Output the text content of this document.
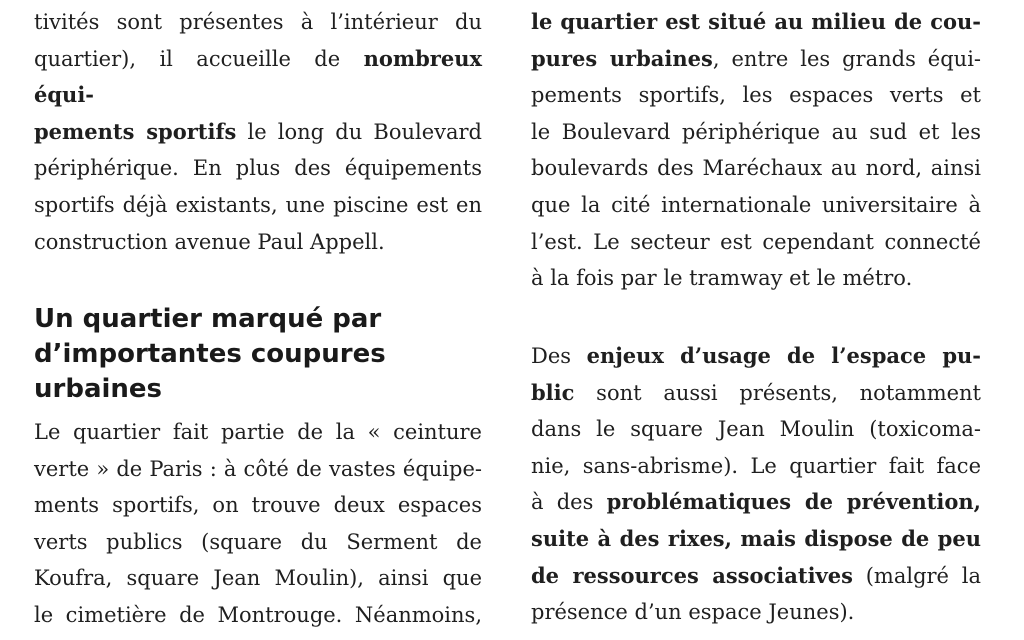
tivités sont présentes à l’intérieur du
quartier), il accueille de nombreux équi-
pements sportifs le long du Boulevard
périphérique. En plus des équipements
sportifs déjà existants, une piscine est en
construction avenue Paul Appell.
Un quartier marqué par
d’importantes coupures
urbaines
Le quartier fait partie de la « ceinture
verte » de Paris : à côté de vastes équipe-
ments sportifs, on trouve deux espaces
verts publics (square du Serment de
Koufra, square Jean Moulin), ainsi que
le cimetière de Montrouge. Néanmoins,
le quartier est situé au milieu de cou-
pures urbaines, entre les grands équi-
pements sportifs, les espaces verts et
le Boulevard périphérique au sud et les
boulevards des Maréchaux au nord, ainsi
que la cité internationale universitaire à
l’est. Le secteur est cependant connecté
à la fois par le tramway et le métro.
Des enjeux d’usage de l’espace pu-
blic sont aussi présents, notamment
dans le square Jean Moulin (toxicoma-
nie, sans-abrisme). Le quartier fait face
à des problématiques de prévention,
suite à des rixes, mais dispose de peu
de ressources associatives (malgré la
présence d’un espace Jeunes).
